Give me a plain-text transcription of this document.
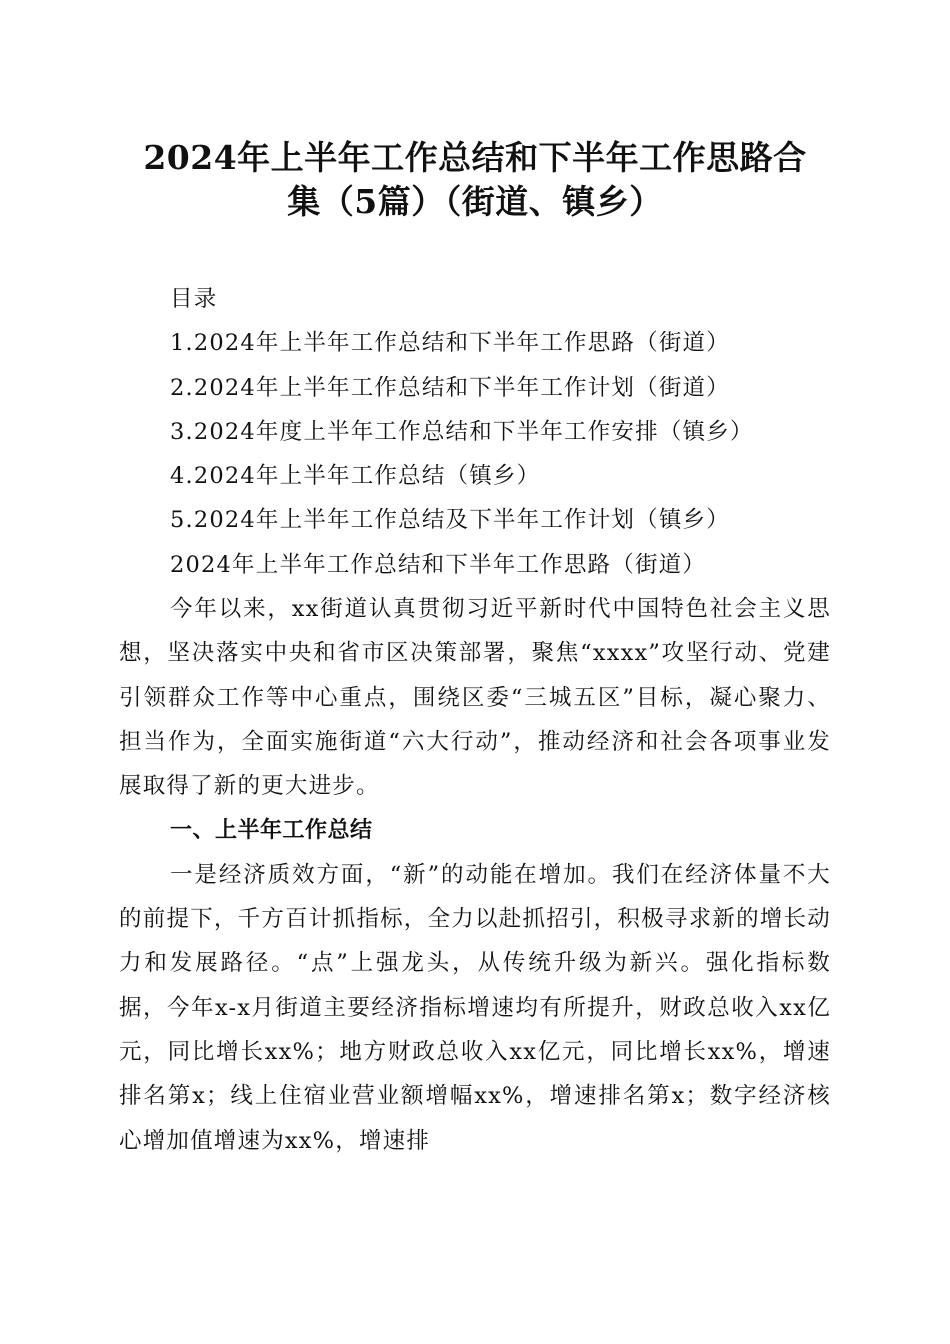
2024年上半年工作总结和下半年工作思路合
集（5篇）（街道、镇乡）

目录

1.2024年上半年工作总结和下半年工作思路（街道）

2.2024年上半年工作总结和下半年工作计划（街道）

3.2024年度上半年工作总结和下半年工作安排（镇乡）

4.2024年上半年工作总结（镇乡）

5.2024年上半年工作总结及下半年工作计划（镇乡）

2024年上半年工作总结和下半年工作思路（街道）

今年以来，xx街道认真贯彻习近平新时代中国特色社会主义思想，坚决落实中央和省市区决策部署，聚焦“xxxx”攻坚行动、党建引领群众工作等中心重点，围绕区委“三城五区”目标，凝心聚力、担当作为，全面实施街道“六大行动”，推动经济和社会各项事业发展取得了新的更大进步。

一、上半年工作总结

一是经济质效方面，“新”的动能在增加。我们在经济体量不大的前提下，千方百计抓指标，全力以赴抓招引，积极寻求新的增长动力和发展路径。“点”上强龙头，从传统升级为新兴。强化指标数据，今年x-x月街道主要经济指标增速均有所提升，财政总收入xx亿元，同比增长xx%；地方财政总收入xx亿元，同比增长xx%，增速排名第x；线上住宿业营业额增幅xx%，增速排名第x；数字经济核心增加值增速为xx%，增速排
